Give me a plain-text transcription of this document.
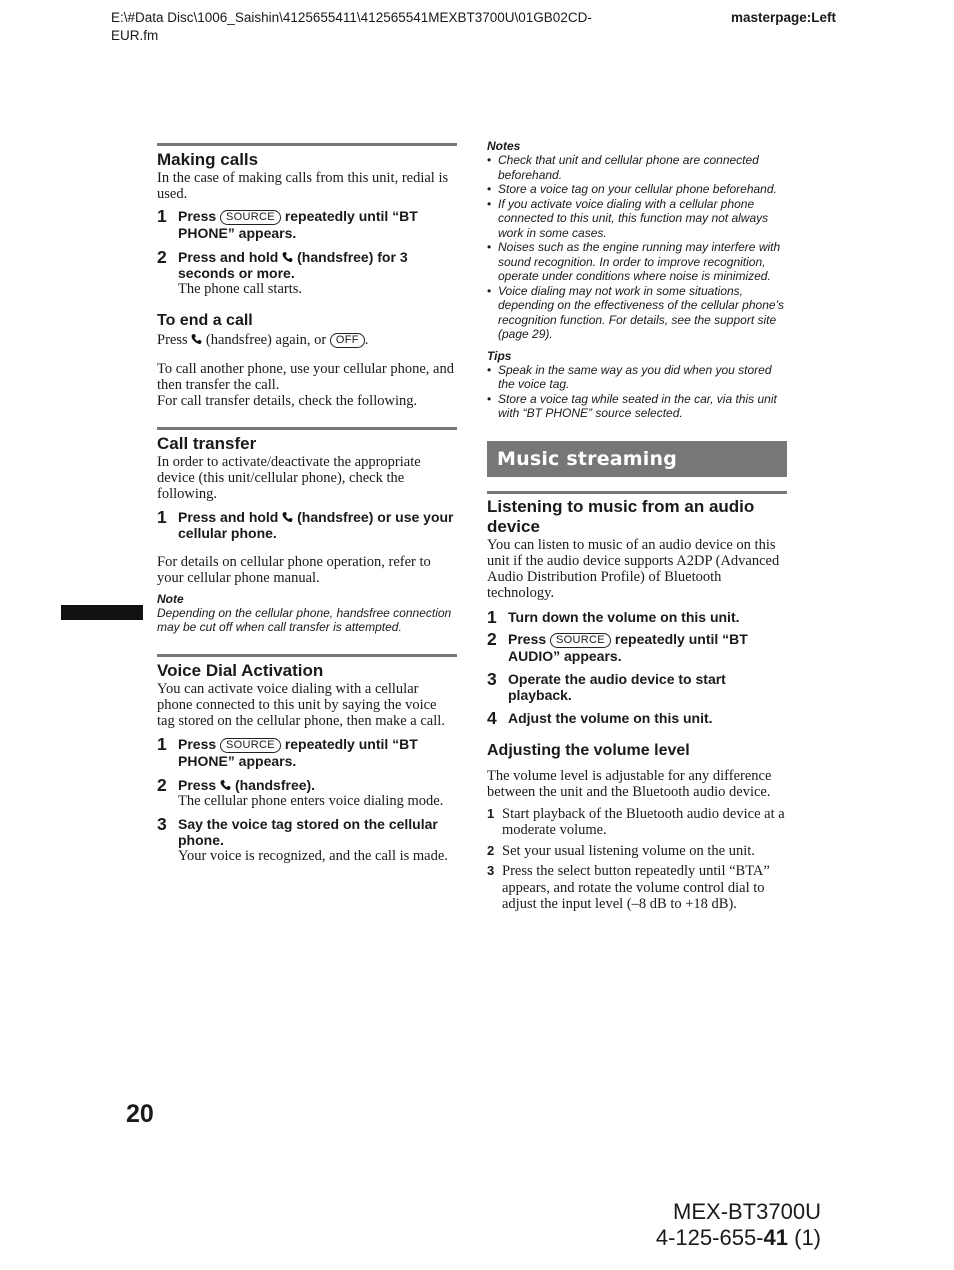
E:\#Data Disc\1006_Saishin\4125655411\412565541MEXBT3700U\01GB02CD-
EUR.fm
masterpage:Left
Making calls

In the case of making calls from this unit, redial is used.

1 Press SOURCE repeatedly until “BT PHONE” appears.
2 Press and hold (handsfree) for 3 seconds or more.
The phone call starts.
To end a call

Press (handsfree) again, or OFF .

To call another phone, use your cellular phone, and then transfer the call.

For call transfer details, check the following.

Call transfer

In order to activate/deactivate the appropriate device (this unit/cellular phone), check the following.

1 Press and hold (handsfree) or use your cellular phone.

For details on cellular phone operation, refer to your cellular phone manual.

Note
Depending on the cellular phone, handsfree connection may be cut off when call transfer is attempted.
Voice Dial Activation

You can activate voice dialing with a cellular phone connected to this unit by saying the voice tag stored on the cellular phone, then make a call.

1 Press SOURCE repeatedly until “BT PHONE” appears.
2 Press (handsfree).
The cellular phone enters voice dialing mode.
3 Say the voice tag stored on the cellular phone.
Your voice is recognized, and the call is made.
Notes
• Check that unit and cellular phone are connected beforehand.
• Store a voice tag on your cellular phone beforehand.
• If you activate voice dialing with a cellular phone connected to this unit, this function may not always work in some cases.
• Noises such as the engine running may interfere with sound recognition. In order to improve recognition, operate under conditions where noise is minimized.
• Voice dialing may not work in some situations, depending on the effectiveness of the cellular phone’s recognition function. For details, see the support site (page 29).
Tips
• Speak in the same way as you did when you stored the voice tag.
• Store a voice tag while seated in the car, via this unit with “BT PHONE” source selected.
Music streaming
Listening to music from an audio device

You can listen to music of an audio device on this unit if the audio device supports A2DP (Advanced Audio Distribution Profile) of Bluetooth technology.

1 Turn down the volume on this unit.
2 Press SOURCE repeatedly until “BT AUDIO” appears.
3 Operate the audio device to start playback.
4 Adjust the volume on this unit.
Adjusting the volume level

The volume level is adjustable for any difference between the unit and the Bluetooth audio device.

1 Start playback of the Bluetooth audio device at a moderate volume.
2 Set your usual listening volume on the unit.
3 Press the select button repeatedly until “BTA” appears, and rotate the volume control dial to adjust the input level (–8 dB to +18 dB).
20
MEX-BT3700U
4-125-655-41 (1)
